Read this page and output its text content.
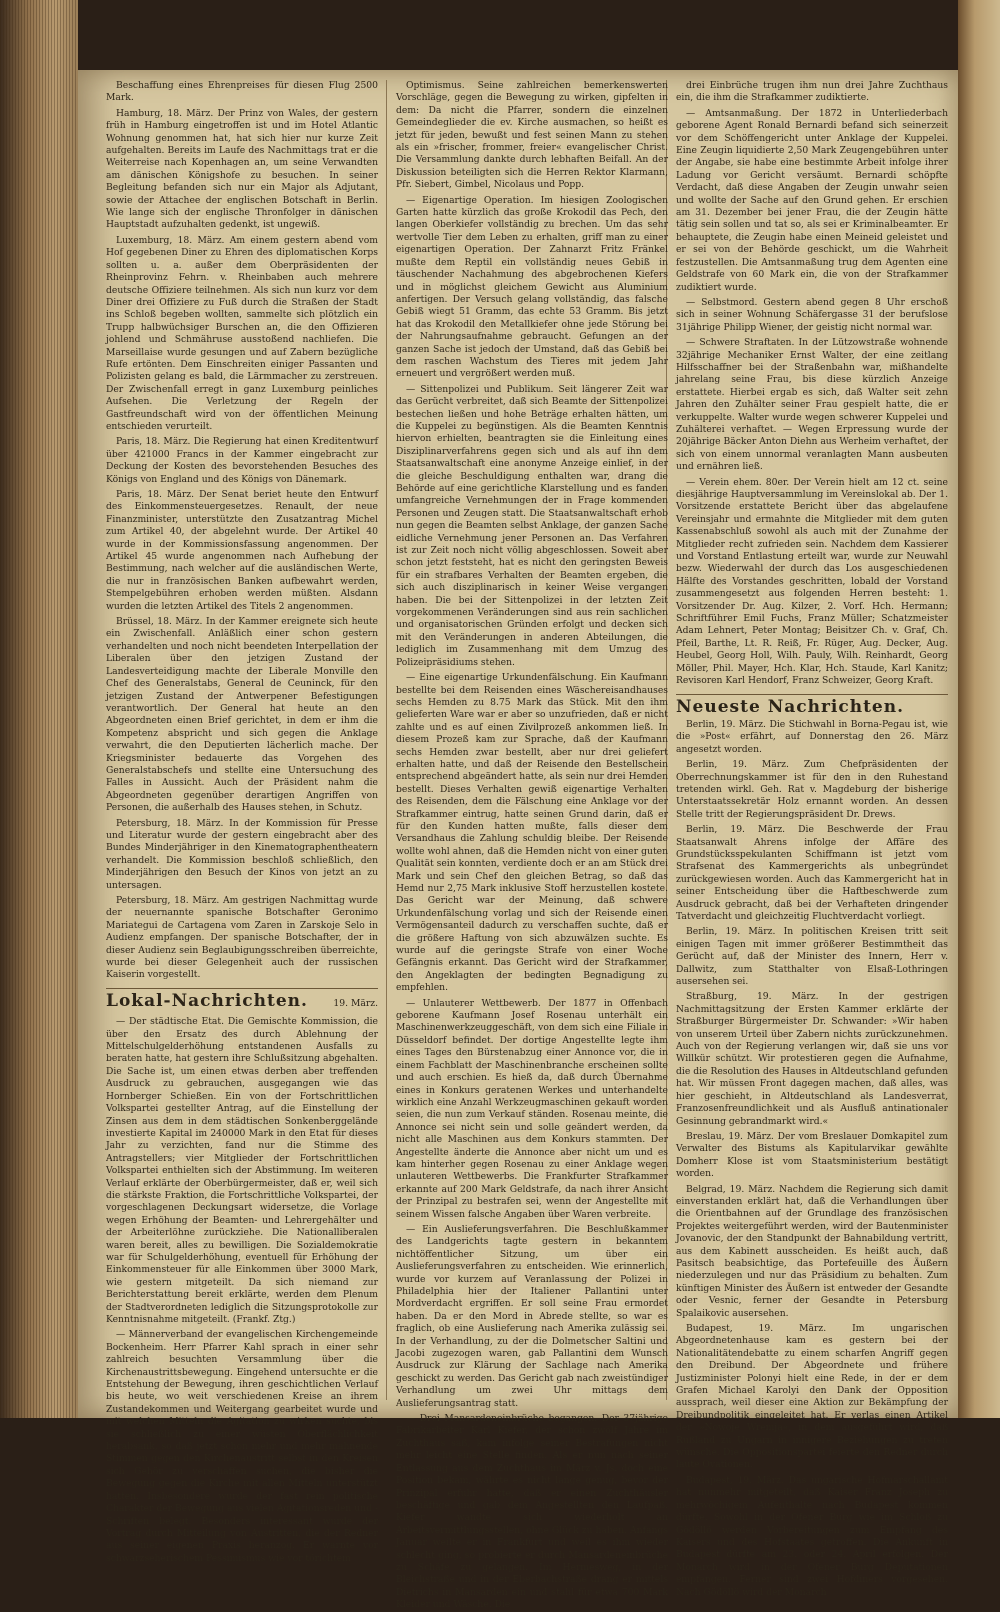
Beschaffung eines Ehrenpreises für diesen Flug 2500 Mark.

Hamburg, 18. März. Der Prinz von Wales, der gestern früh in Hamburg eingetroffen ist und im Hotel Atlantic Wohnung genommen hat, hat sich hier nur kurze Zeit aufgehalten. Bereits im Laufe des Nachmittags trat er die Weiterreise nach Kopenhagen an, um seine Verwandten am dänischen Königshofe zu besuchen. In seiner Begleitung befanden sich nur ein Major als Adjutant, sowie der Attachee der englischen Botschaft in Berlin. Wie lange sich der englische Thronfolger in dänischen Hauptstadt aufzuhalten gedenkt, ist ungewiß.

Luxemburg, 18. März. Am einem gestern abend vom Hof gegebenen Diner zu Ehren des diplomatischen Korps sollten u. a. außer dem Oberpräsidenten der Rheinprovinz Fehrn. v. Rheinbaben auch mehrere deutsche Offiziere teilnehmen. Als sich nun kurz vor dem Diner drei Offiziere zu Fuß durch die Straßen der Stadt ins Schloß begeben wollten, sammelte sich plötzlich ein Trupp halbwüchsiger Burschen an, die den Offizieren johlend und Schmähruse ausstoßend nachliefen. Die Marseillaise wurde gesungen und auf Zabern bezügliche Rufe ertönten. Dem Einschreiten einiger Passanten und Polizisten gelang es bald, die Lärmmacher zu zerstreuen. Der Zwischenfall erregt in ganz Luxemburg peinliches Aufsehen. Die Verletzung der Regeln der Gastfreundschaft wird von der öffentlichen Meinung entschieden verurteilt.

Paris, 18. März. Die Regierung hat einen Kreditentwurf über 421000 Francs in der Kammer eingebracht zur Deckung der Kosten des bevorstehenden Besuches des Königs von England und des Königs von Dänemark.

Paris, 18. März. Der Senat beriet heute den Entwurf des Einkommensteuergesetzes. Renault, der neue Finanzminister, unterstützte den Zusatzantrag Michel zum Artikel 40, der abgelehnt wurde. Der Artikel 40 wurde in der Kommissionsfassung angenommen. Der Artikel 45 wurde angenommen nach Aufhebung der Bestimmung, nach welcher auf die ausländischen Werte, die nur in französischen Banken aufbewahrt werden, Stempelgebühren erhoben werden müßten. Alsdann wurden die letzten Artikel des Titels 2 angenommen.

Brüssel, 18. März. In der Kammer ereignete sich heute ein Zwischenfall. Anläßlich einer schon gestern verhandelten und noch nicht beendeten Interpellation der Liberalen über den jetzigen Zustand der Landesverteidigung machte der Liberale Monville den Chef des Generalstabs, General de Ceuninck, für den jetzigen Zustand der Antwerpener Befestigungen verantwortlich. Der General hat heute an den Abgeordneten einen Brief gerichtet, in dem er ihm die Kompetenz abspricht und sich gegen die Anklage verwahrt, die den Deputierten lächerlich mache. Der Kriegsminister bedauerte das Vorgehen des Generalstabschefs und stellte eine Untersuchung des Falles in Aussicht. Auch der Präsident nahm die Abgeordneten gegenüber derartigen Angriffen von Personen, die außerhalb des Hauses stehen, in Schutz.

Petersburg, 18. März. In der Kommission für Presse und Literatur wurde der gestern eingebracht aber des Bundes Minderjähriger in den Kinematographentheatern verhandelt. Die Kommission beschloß schließlich, den Minderjährigen den Besuch der Kinos von jetzt an zu untersagen.

Petersburg, 18. März. Am gestrigen Nachmittag wurde der neuernannte spanische Botschafter Geronimo Mariategui de Cartagena vom Zaren in Zarskoje Selo in Audienz empfangen. Der spanische Botschafter, der in dieser Audienz sein Beglaubigungsschreiben überreichte, wurde bei dieser Gelegenheit auch der russischen Kaiserin vorgestellt.

Lokal-Nachrichten.	19. März.

— Der städtische Etat. Die Gemischte Kommission, die über den Ersatz des durch Ablehnung der Mittelschulgelderhöhung entstandenen Ausfalls zu beraten hatte, hat gestern ihre Schlußsitzung abgehalten. Die Sache ist, um einen etwas derben aber treffenden Ausdruck zu gebrauchen, ausgegangen wie das Hornberger Schießen. Ein von der Fortschrittlichen Volkspartei gestellter Antrag, auf die Einstellung der Zinsen aus dem in dem städtischen Sonkenberggelände investierte Kapital im 240000 Mark in den Etat für dieses Jahr zu verzichten, fand nur die Stimme des Antragstellers; vier Mitglieder der Fortschrittlichen Volkspartei enthielten sich der Abstimmung. Im weiteren Verlauf erklärte der Oberbürgermeister, daß er, weil sich die stärkste Fraktion, die Fortschrittliche Volkspartei, der vorgeschlagenen Deckungsart widersetze, die Vorlage wegen Erhöhung der Beamten- und Lehrergehälter und der Arbeiterlöhne zurückziehe. Die Nationalliberalen waren bereit, alles zu bewilligen. Die Sozialdemokratie war für Schulgelderhöhung, eventuell für Erhöhung der Einkommensteuer für alle Einkommen über 3000 Mark, wie gestern mitgeteilt. Da sich niemand zur Berichterstattung bereit erklärte, werden dem Plenum der Stadtverordneten lediglich die Sitzungsprotokolle zur Kenntnisnahme mitgeteilt. (Frankf. Ztg.)

— Männerverband der evangelischen Kirchengemeinde Bockenheim. Herr Pfarrer Kahl sprach in einer sehr zahlreich besuchten Versammlung über die Kirchenaustrittsbewegung. Eingehend untersuchte er die Entstehung der Bewegung, ihren geschichtlichen Verlauf bis heute, wo weit verschiedenen Kreise an ihrem Zustandekommen und Weitergang gearbeitet wurde und mit welchen Mitteln die Agitation zu wirken suchte, bis sie schließlich zu einer wüsten Oberflächlichkeit herabsank, so daß jetzt schon mehr und mehr mahnende Stimmen gegen den Kirchenaustritt selbst in den Kreisen sich Gehör zu verschaffen suchen, die bisher die Bewegung gegen die Kirche mit allen Mitteln unterstützt hatten. Insbesondere wurde der fast rein politische Charakter der Bewegung aus vielen Agitationsreden und -Schriften belegt. Besonders interessant wurde der Vortrag durch Mitteilung von Austritten, die der Redner aus seiner eigenen Praxis heranzog. Er warnte vor schwarzseherischem Pessimismus wie vor törichtem

Optimismus. Seine zahlreichen bemerkenswerten Vorschläge, gegen die Bewegung zu wirken, gipfelten in dem: Da nicht die Pfarrer, sondern die einzelnen Gemeindeglieder die ev. Kirche ausmachen, so heißt es jetzt für jeden, bewußt und fest seinen Mann zu stehen als ein »frischer, frommer, freier« evangelischer Christ. Die Versammlung dankte durch lebhaften Beifall. An der Diskussion beteiligten sich die Herren Rektor Klarmann, Pfr. Siebert, Gimbel, Nicolaus und Popp.

— Eigenartige Operation. Im hiesigen Zoologischen Garten hatte kürzlich das große Krokodil das Pech, den langen Oberkiefer vollständig zu brechen. Um das sehr wertvolle Tier dem Leben zu erhalten, griff man zu einer eigenartigen Operation. Der Zahnarzt Fritz Fränkel mußte dem Reptil ein vollständig neues Gebiß in täuschender Nachahmung des abgebrochenen Kiefers und in möglichst gleichem Gewicht aus Aluminium anfertigen. Der Versuch gelang vollständig, das falsche Gebiß wiegt 51 Gramm, das echte 53 Gramm. Bis jetzt hat das Krokodil den Metallkiefer ohne jede Störung bei der Nahrungsaufnahme gebraucht. Gefungen an der ganzen Sache ist jedoch der Umstand, daß das Gebiß bei dem raschen Wachstum des Tieres mit jedem Jahr erneuert und vergrößert werden muß.

— Sittenpolizei und Publikum. Seit längerer Zeit war das Gerücht verbreitet, daß sich Beamte der Sittenpolizei bestechen ließen und hohe Beträge erhalten hätten, um die Kuppelei zu begünstigen. Als die Beamten Kenntnis hiervon erhielten, beantragten sie die Einleitung eines Disziplinarverfahrens gegen sich und als auf ihn dem Staatsanwaltschaft eine anonyme Anzeige einlief, in der die gleiche Beschuldigung enthalten war, drang die Behörde auf eine gerichtliche Klarstellung und es fanden umfangreiche Vernehmungen der in Frage kommenden Personen und Zeugen statt. Die Staatsanwaltschaft erhob nun gegen die Beamten selbst Anklage, der ganzen Sache eidliche Vernehmung jener Personen an. Das Verfahren ist zur Zeit noch nicht völlig abgeschlossen. Soweit aber schon jetzt feststeht, hat es nicht den geringsten Beweis für ein strafbares Verhalten der Beamten ergeben, die sich auch disziplinarisch in keiner Weise vergangen haben. Die bei der Sittenpolizei in der letzten Zeit vorgekommenen Veränderungen sind aus rein sachlichen und organisatorischen Gründen erfolgt und decken sich mit den Veränderungen in anderen Abteilungen, die lediglich im Zusammenhang mit dem Umzug des Polizeipräsidiums stehen.

— Eine eigenartige Urkundenfälschung. Ein Kaufmann bestellte bei dem Reisenden eines Wäschereisandhauses sechs Hemden zu 8.75 Mark das Stück. Mit den ihm gelieferten Ware war er aber so unzufrieden, daß er nicht zahlte und es auf einen Zivilprozeß ankommen ließ. In diesem Prozeß kam zur Sprache, daß der Kaufmann sechs Hemden zwar bestellt, aber nur drei geliefert erhalten hatte, und daß der Reisende den Bestellschein entsprechend abgeändert hatte, als sein nur drei Hemden bestellt. Dieses Verhalten gewiß eigenartige Verhalten des Reisenden, dem die Fälschung eine Anklage vor der Strafkammer eintrug, hatte seinen Grund darin, daß er für den Kunden hatten mußte, falls dieser dem Versandhaus die Zahlung schuldig bleibe. Der Reisende wollte wohl ahnen, daß die Hemden nicht von einer guten Qualität sein konnten, verdiente doch er an am Stück drei Mark und sein Chef den gleichen Betrag, so daß das Hemd nur 2,75 Mark inklusive Stoff herzustellen kostete. Das Gericht war der Meinung, daß schwere Urkundenfälschung vorlag und sich der Reisende einen Vermögensanteil dadurch zu verschaffen suchte, daß er die größere Haftung von sich abzuwälzen suchte. Es wurde auf die geringste Strafe von einer Woche Gefängnis erkannt. Das Gericht wird der Strafkammer, den Angeklagten der bedingten Begnadigung zu empfehlen.

— Unlauterer Wettbewerb. Der 1877 in Offenbach geborene Kaufmann Josef Rosenau unterhält ein Maschinenwerkzeuggeschäft, von dem sich eine Filiale in Düsseldorf befindet. Der dortige Angestellte legte ihm eines Tages den Bürstenabzug einer Annonce vor, die in einem Fachblatt der Maschinenbranche erscheinen sollte und auch erschien. Es hieß da, daß durch Übernahme eines in Konkurs geratenen Werkes und unterhandelte wirklich eine Anzahl Werkzeugmaschinen gekauft worden seien, die nun zum Verkauf ständen. Rosenau meinte, die Annonce sei nicht sein und solle geändert werden, da nicht alle Maschinen aus dem Konkurs stammten. Der Angestellte änderte die Annonce aber nicht um und es kam hinterher gegen Rosenau zu einer Anklage wegen unlauteren Wettbewerbs. Die Frankfurter Strafkammer erkannte auf 200 Mark Geldstrafe, da nach ihrer Ansicht der Prinzipal zu bestrafen sei, wenn der Angestellte mit seinem Wissen falsche Angaben über Waren verbreite.

— Ein Auslieferungsverfahren. Die Beschlußkammer des Landgerichts tagte gestern in bekanntem nichtöffentlicher Sitzung, um über ein Auslieferungsverfahren zu entscheiden. Wie erinnerlich, wurde vor kurzem auf Veranlassung der Polizei in Philadelphia hier der Italiener Pallantini unter Mordverdacht ergriffen. Er soll seine Frau ermordet haben. Da er den Mord in Abrede stellte, so war es fraglich, ob eine Auslieferung nach Amerika zulässig sei. In der Verhandlung, zu der die Dolmetscher Saltini und Jacobi zugezogen waren, gab Pallantini dem Wunsch Ausdruck zur Klärung der Sachlage nach Amerika geschickt zu werden. Das Gericht gab nach zweistündiger Verhandlung um zwei Uhr mittags dem Auslieferungsantrag statt.

— Drei Mansardeneinbrüche begangen. Der 37jährige Fabrikarbeiter Karl Kiefer, der schon zwölf Jahre im Zuchthaus saß, kam infolge seiner Bestrafungen nicht mehr leicht eine Stelle finden. Als er nun nach seiner Entlassung aus dem Zuchthaus im März v. Js. doch eine Position bekam, währte es nicht lange genug, bevor der Prinzipal erfuhr hatte, daß er einen Zuchthäusler beschäftige und gab dem Angestellten den Laufpaß. Kiefer wandte sich wiederholt an Arbeitsvermittlungsstellen, ohne Glück zu haben. Anfangs Januar weilte er in Frankfurt und weil es ihm wieder schlecht ging, so probierte er durch Mansardeneinbrüche zu Schäfe zu gelangen. Im Hermesweg, in der Bleichstraße und in der Eberbachstraße drang er mittels Dietrichs in Mansarden ein und stahl für etwa 700 Mark Kleider und Wäsche. Die

drei Einbrüche trugen ihm nun drei Jahre Zuchthaus ein, die ihm die Strafkammer zudiktierte.

— Amtsanmaßung. Der 1872 in Unterliederbach geborene Agent Ronald Bernardi befand sich seinerzeit vor dem Schöffengericht unter Anklage der Kuppelei. Eine Zeugin liquidierte 2,50 Mark Zeugengebühren unter der Angabe, sie habe eine bestimmte Arbeit infolge ihrer Ladung vor Gericht versäumt. Bernardi schöpfte Verdacht, daß diese Angaben der Zeugin unwahr seien und wollte der Sache auf den Grund gehen. Er erschien am 31. Dezember bei jener Frau, die der Zeugin hätte tätig sein sollen und tat so, als sei er Kriminalbeamter. Er behauptete, die Zeugin habe einen Meineid geleistet und er sei von der Behörde geschickt, um die Wahrheit festzustellen. Die Amtsanmaßung trug dem Agenten eine Geldstrafe von 60 Mark ein, die von der Strafkammer zudiktiert wurde.

— Selbstmord. Gestern abend gegen 8 Uhr erschoß sich in seiner Wohnung Schäfergasse 31 der berufslose 31jährige Philipp Wiener, der geistig nicht normal war.

— Schwere Straftaten. In der Lützowstraße wohnende 32jährige Mechaniker Ernst Walter, der eine zeitlang Hilfsschaffner bei der Straßenbahn war, mißhandelte jahrelang seine Frau, bis diese kürzlich Anzeige erstattete. Hierbei ergab es sich, daß Walter seit zehn Jahren den Zuhälter seiner Frau gespielt hatte, die er verkuppelte. Walter wurde wegen schwerer Kuppelei und Zuhälterei verhaftet. — Wegen Erpressung wurde der 20jährige Bäcker Anton Diehn aus Werheim verhaftet, der sich von einem unnormal veranlagten Mann ausbeuten und ernähren ließ.

— Verein ehem. 80er. Der Verein hielt am 12 ct. seine diesjährige Hauptversammlung im Vereinslokal ab. Der 1. Vorsitzende erstattete Bericht über das abgelaufene Vereinsjahr und ermahnte die Mitglieder mit dem guten Kassenabschluß sowohl als auch mit der Zunahme der Mitglieder recht zufrieden sein. Nachdem dem Kassierer und Vorstand Entlastung erteilt war, wurde zur Neuwahl bezw. Wiederwahl der durch das Los ausgeschiedenen Hälfte des Vorstandes geschritten, lobald der Vorstand zusammengesetzt aus folgenden Herren besteht: 1. Vorsitzender Dr. Aug. Kilzer, 2. Vorf. Hch. Hermann; Schriftführer Emil Fuchs, Franz Müller; Schatzmeister Adam Lehnert, Peter Montag; Beisitzer Ch. v. Graf, Ch. Pfeil, Barthe, Lt. R. Reiß, Fr. Rüger, Aug. Decker, Aug. Heubel, Georg Holl, Wilh. Pauly, Wilh. Reinhardt, Georg Möller, Phil. Mayer, Hch. Klar, Hch. Staude, Karl Kanitz; Revisoren Karl Hendorf, Franz Schweizer, Georg Kraft.

Neueste Nachrichten.

Berlin, 19. März. Die Stichwahl in Borna-Pegau ist, wie die »Post« erfährt, auf Donnerstag den 26. März angesetzt worden.

Berlin, 19. März. Zum Chefpräsidenten der Oberrechnungskammer ist für den in den Ruhestand tretenden wirkl. Geh. Rat v. Magdeburg der bisherige Unterstaatssekretär Holz ernannt worden. An dessen Stelle tritt der Regierungspräsident Dr. Drews.

Berlin, 19. März. Die Beschwerde der Frau Staatsanwalt Ahrens infolge der Affäre des Grundstücksspekulanten Schiffmann ist jetzt vom Strafsenat des Kammergerichts als unbegründet zurückgewiesen worden. Auch das Kammergericht hat in seiner Entscheidung über die Haftbeschwerde zum Ausdruck gebracht, daß bei der Verhafteten dringender Tatverdacht und gleichzeitig Fluchtverdacht vorliegt.

Berlin, 19. März. In politischen Kreisen tritt seit einigen Tagen mit immer größerer Bestimmtheit das Gerücht auf, daß der Minister des Innern, Herr v. Dallwitz, zum Statthalter von Elsaß-Lothringen ausersehen sei.

Straßburg, 19. März. In der gestrigen Nachmittagsitzung der Ersten Kammer erklärte der Straßburger Bürgermeister Dr. Schwander: »Wir haben von unserem Urteil über Zabern nichts zurückzunehmen. Auch von der Regierung verlangen wir, daß sie uns vor Willkür schützt. Wir protestieren gegen die Aufnahme, die die Resolution des Hauses in Altdeutschland gefunden hat. Wir müssen Front dagegen machen, daß alles, was hier geschieht, in Altdeutschland als Landesverrat, Franzosenfreundlichkeit und als Ausfluß antinationaler Gesinnung gebrandmarkt wird.«

Breslau, 19. März. Der vom Breslauer Domkapitel zum Verwalter des Bistums als Kapitularvikar gewählte Domherr Klose ist vom Staatsministerium bestätigt worden.

Belgrad, 19. März. Nachdem die Regierung sich damit einverstanden erklärt hat, daß die Verhandlungen über die Orientbahnen auf der Grundlage des französischen Projektes weitergeführt werden, wird der Bautenminister Jovanovic, der den Standpunkt der Bahnabildung vertritt, aus dem Kabinett ausscheiden. Es heißt auch, daß Pasitsch beabsichtige, das Portefeuille des Äußern niederzulegen und nur das Präsidium zu behalten. Zum künftigen Minister des Äußern ist entweder der Gesandte oder Vesnic, ferner der Gesandte in Petersburg Spalaikovic ausersehen.

Budapest, 19. März. Im ungarischen Abgeordnetenhause kam es gestern bei der Nationalitätendebatte zu einem scharfen Angriff gegen den Dreibund. Der Abgeordnete und frühere Justizminister Polonyi hielt eine Rede, in der er dem Grafen Michael Karolyi den Dank der Opposition aussprach, weil dieser eine Aktion zur Bekämpfung der Dreibundpolitik eingeleitet hat. Er verlas einen Artikel der »Nowoje Wremja«, in dem ausgeführt wird, daß Rußland zu Ungarn in innigere Beziehungen zu treten wünsche. Die Oppositionspartei feierte den Redner durch laute Ovationen.

Budapest, 19. März. Das ungarische Hofmarschallamt hat nunmehr mitgeteilt, daß Kaiser Franz Joseph zu mehrwöchigem Aufenthalte nach Budapest kommen dürfte. Sowohl in der Ofener Burg wie im Schloß zu Gödöllö werden Vorbereitungen zum Empfang des Kaisers und des Hofstaates getroffen. Die Ankunft in Budapest dürfte am 23. oder 24. April erfolgen. Der Monarch wird in der Ofener Burg Deputationen empfangen. Ferner sind zwei Hofdiners vorgesehen. Nach Gödöllö wird der Monarch
